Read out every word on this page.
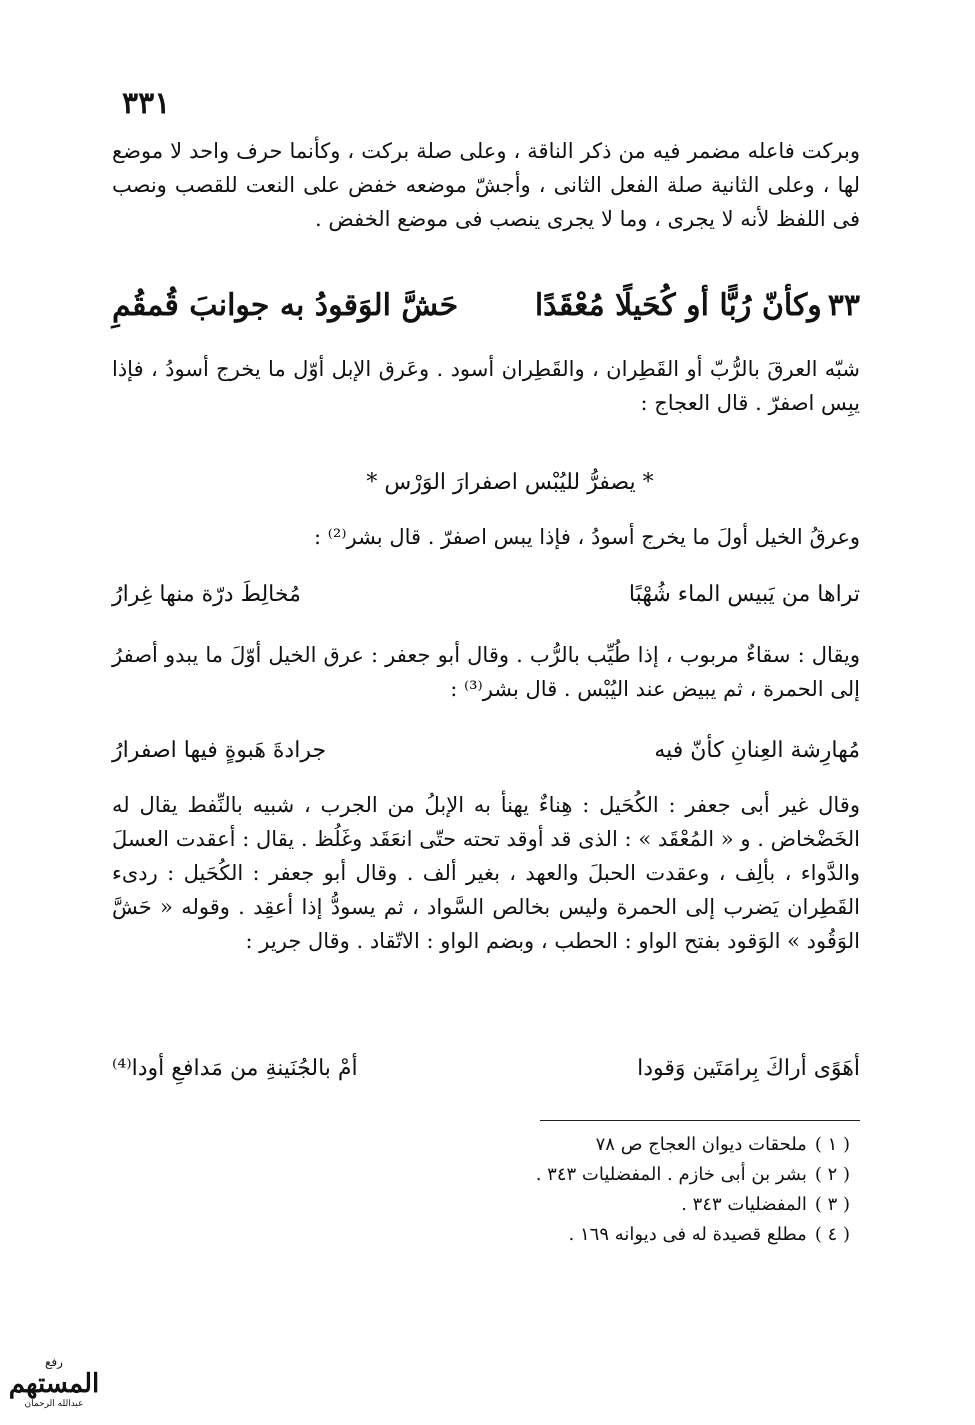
٣٣١

وبركت فاعله مضمر فيه من ذكر الناقة ، وعلى صلة بركت ، وكأنما حرف واحد لا موضع لها ، وعلى الثانية صلة الفعل الثانى ، وأجشّ موضعه خفض على النعت للقصب ونصب فى اللفظ لأنه لا يجرى ، وما لا يجرى ينصب فى موضع الخفض .

٣٣وكأنّ رُبًّا أو كُحَيلًا مُعْقَدًا
حَشَّ الوَقودُ به جوانبَ قُمقُمِ

شبّه العرقَ بالرُّبّ أو القَطِران ، والقَطِران أسود . وعَرق الإبل أوّل ما يخرج أسودُ ، فإذا يبِس اصفرّ . قال العجاج :

* يصفرُّ لليُبْس اصفرارَ الوَرْس *

وعرقُ الخيل أولَ ما يخرج أسودُ ، فإذا يبس اصفرّ . قال بشر⁽²⁾ :

تراها من يَبيس الماء شُهْبًا
مُخالِطَ درّة منها غِرارُ

ويقال : سقاءٌ مربوب ، إذا طُيِّب بالرُّب . وقال أبو جعفر : عرق الخيل أوّلَ ما يبدو أصفرُ إلى الحمرة ، ثم يبيض عند اليُبْس . قال بشر⁽³⁾ :

مُهارِشة العِنانِ كأنّ فيه
جرادةَ هَبوةٍ فيها اصفرارُ

وقال غير أبى جعفر : الكُحَيل : هِناءٌ يهنأ به الإبلُ من الجرب ، شبيه بالنِّفط يقال له الخَضْخاض . و « المُعْقَد » : الذى قد أوقد تحته حتّى انعَقَد وغَلُظ . يقال : أعقدت العسلَ والدَّواء ، بألِف ، وعقدت الحبلَ والعهد ، بغير ألف . وقال أبو جعفر : الكُحَيل : ردىء القَطِران يَضرب إلى الحمرة وليس بخالص السَّواد ، ثم يسودُّ إذا أعقِد . وقوله « حَشَّ الوَقُود » الوَقود بفتح الواو : الحطب ، وبضم الواو : الاتّقاد . وقال جرير :

أهَوًى أراكَ بِرامَتَين وَقودا
أمْ بالجُنَينةِ من مَدافعِ أودا⁽⁴⁾
( ١ )ملحقات ديوان العجاج ص ٧٨
( ٢ )بشر بن أبى خازم . المفضليات ٣٤٣ .
( ٣ )المفضليات ٣٤٣ .
( ٤ )مطلع قصيدة له فى ديوانه ١٦٩ .
رفع
المستهم
عبدالله الرحمان
